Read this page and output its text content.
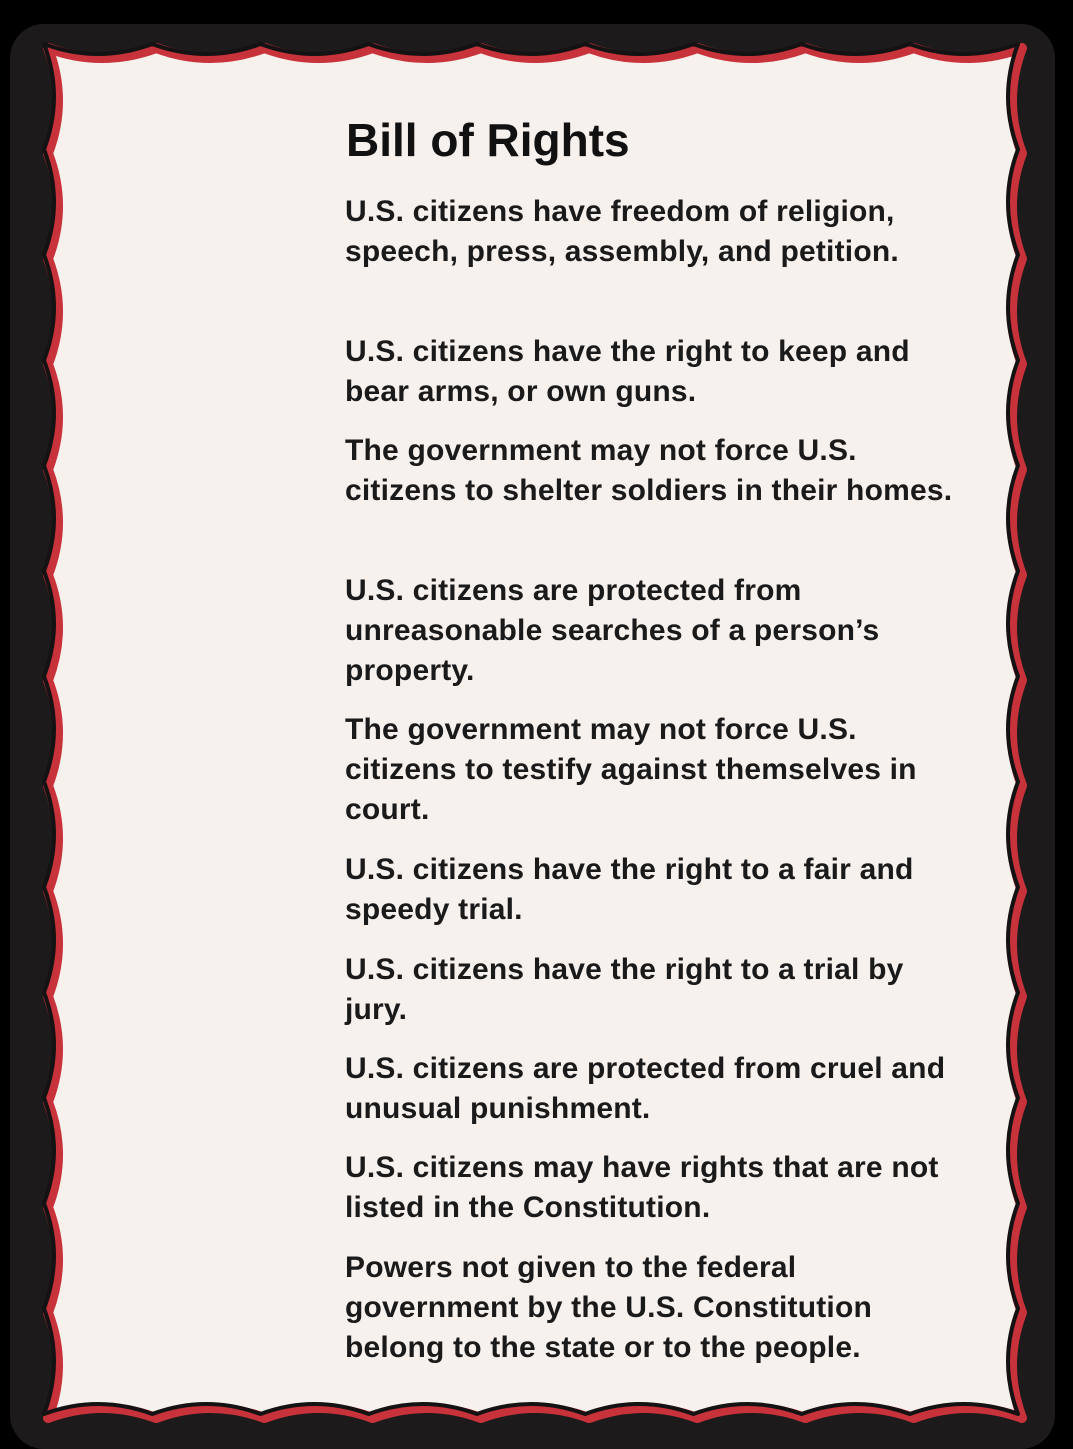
Bill of Rights
U.S. citizens have freedom of religion, speech, press, assembly, and petition.
U.S. citizens have the right to keep and bear arms, or own guns.
The government may not force U.S. citizens to shelter soldiers in their homes.
U.S. citizens are protected from unreasonable searches of a person’s property.
The government may not force U.S. citizens to testify against themselves in court.
U.S. citizens have the right to a fair and speedy trial.
U.S. citizens have the right to a trial by jury.
U.S. citizens are protected from cruel and unusual punishment.
U.S. citizens may have rights that are not listed in the Constitution.
Powers not given to the federal government by the U.S. Constitution belong to the state or to the people.
